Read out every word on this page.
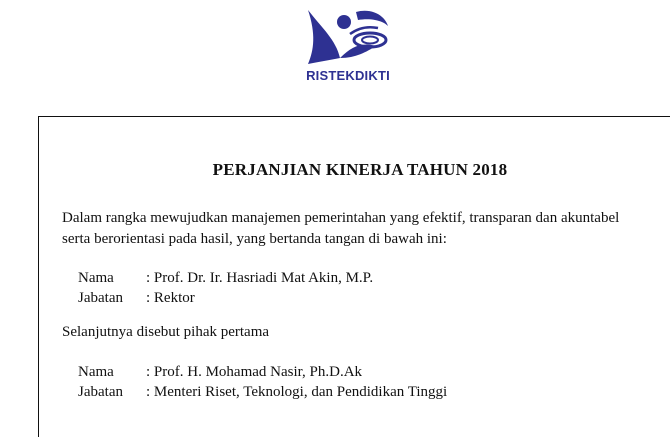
RISTEKDIKTI
PERJANJIAN KINERJA TAHUN 2018
Dalam rangka mewujudkan manajemen pemerintahan yang efektif, transparan dan akuntabel
serta berorientasi pada hasil, yang bertanda tangan di bawah ini:
Nama : Prof. Dr. Ir. Hasriadi Mat Akin, M.P.
Jabatan : Rektor
Selanjutnya disebut pihak pertama
Nama : Prof. H. Mohamad Nasir, Ph.D.Ak
Jabatan : Menteri Riset, Teknologi, dan Pendidikan Tinggi
